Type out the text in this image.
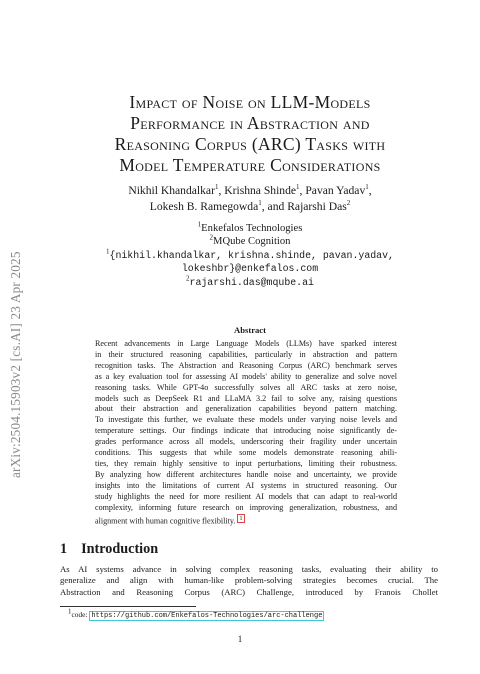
arXiv:2504.15903v2 [cs.AI] 23 Apr 2025
Impact of Noise on LLM-Models
Performance in Abstraction and
Reasoning Corpus (ARC) Tasks with
Model Temperature Considerations
Nikhil Khandalkar$^1$, Krishna Shinde$^1$, Pavan Yadav$^1$,
Lokesh B. Ramegowda$^1$, and Rajarshi Das$^2$
$^1$Enkefalos Technologies
$^2$MQube Cognition
$^1${nikhil.khandalkar, krishna.shinde, pavan.yadav,
lokeshbr}@enkefalos.com
$^2$rajarshi.das@mqube.ai
Abstract
Recent advancements in Large Language Models (LLMs) have sparked interest
in their structured reasoning capabilities, particularly in abstraction and pattern
recognition tasks. The Abstraction and Reasoning Corpus (ARC) benchmark serves
as a key evaluation tool for assessing AI models' ability to generalize and solve novel
reasoning tasks. While GPT-4o successfully solves all ARC tasks at zero noise,
models such as DeepSeek R1 and LLaMA 3.2 fail to solve any, raising questions
about their abstraction and generalization capabilities beyond pattern matching.
To investigate this further, we evaluate these models under varying noise levels and
temperature settings. Our findings indicate that introducing noise significantly de-
grades performance across all models, underscoring their fragility under uncertain
conditions. This suggests that while some models demonstrate reasoning abili-
ties, they remain highly sensitive to input perturbations, limiting their robustness.
By analyzing how different architectures handle noise and uncertainty, we provide
insights into the limitations of current AI systems in structured reasoning. Our
study highlights the need for more resilient AI models that can adapt to real-world
complexity, informing future research on improving generalization, robustness, and
alignment with human cognitive flexibility. 1
1 Introduction
As AI systems advance in solving complex reasoning tasks, evaluating their ability to
generalize and align with human-like problem-solving strategies becomes crucial. The
Abstraction and Reasoning Corpus (ARC) Challenge, introduced by Franois Chollet
$^1$code: https://github.com/Enkefalos-Technologies/arc-challenge
1
